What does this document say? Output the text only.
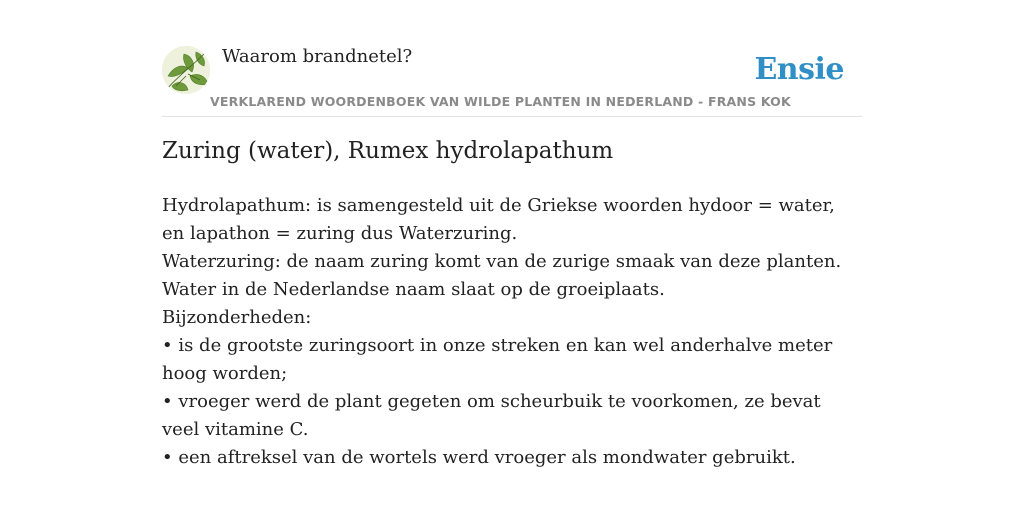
Waarom brandnetel?	Ensie
VERKLAREND WOORDENBOEK VAN WILDE PLANTEN IN NEDERLAND - FRANS KOK
Zuring (water), Rumex hydrolapathum

Hydrolapathum: is samengesteld uit de Griekse woorden hydoor = water, en lapathon = zuring dus Waterzuring.

Waterzuring: de naam zuring komt van de zurige smaak van deze planten. Water in de Nederlandse naam slaat op de groeiplaats.

Bijzonderheden:

• is de grootste zuringsoort in onze streken en kan wel anderhalve meter hoog worden;

• vroeger werd de plant gegeten om scheurbuik te voorkomen, ze bevat veel vitamine C.

• een aftreksel van de wortels werd vroeger als mondwater gebruikt.
